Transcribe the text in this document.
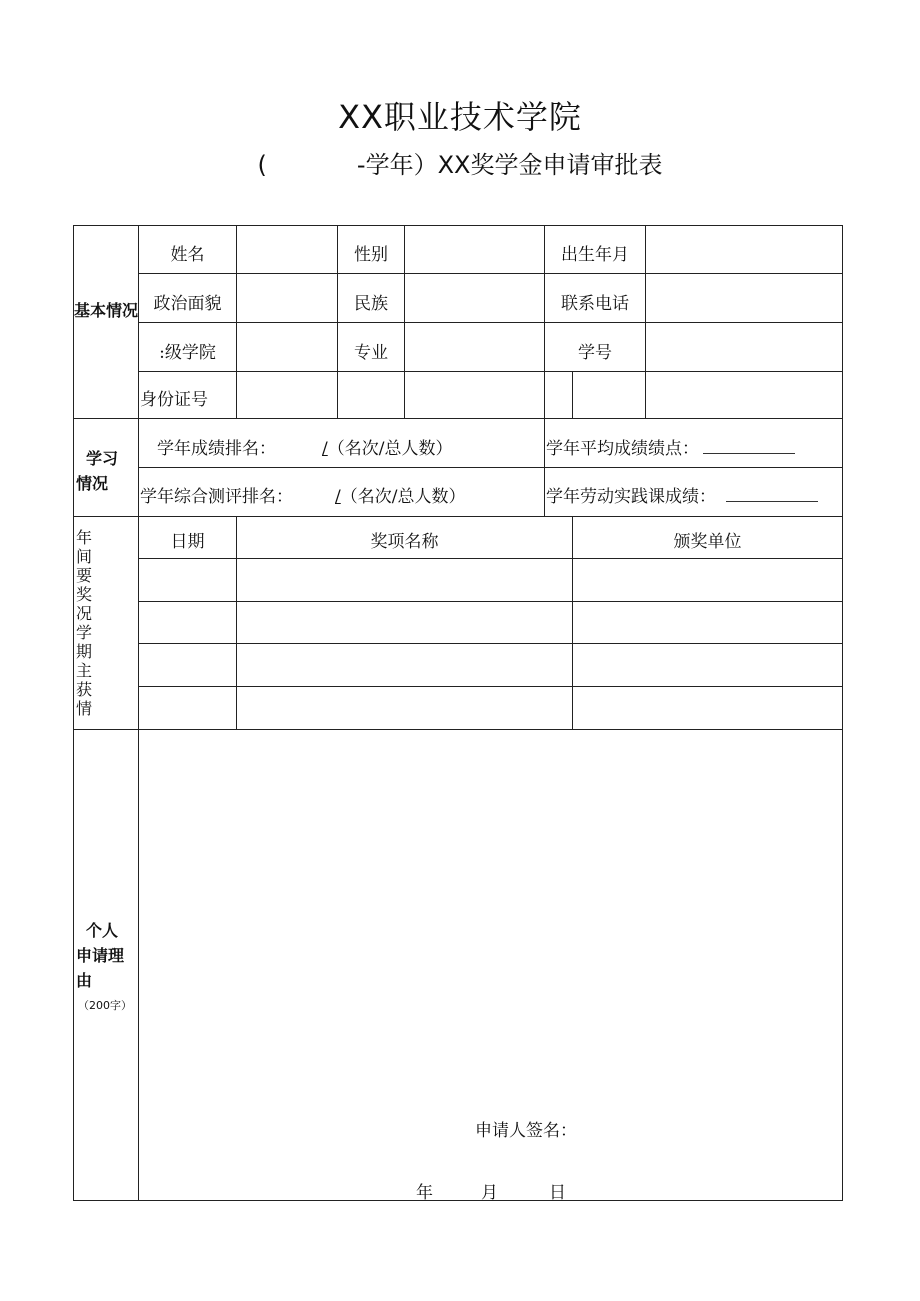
XX职业技术学院
(	-学年）XX奖学金申请审批表
基本情况
姓名	性别	出生年月
政治面貌	民族	联系电话
:级学院	专业	学号
身份证号
学习
情况
学年成绩排名：	/（名次/总人数）	学年平均成绩绩点：
学年综合测评排名： /（名次/总人数）	学年劳动实践课成绩：
年间要奖况学期主获情
日期	奖项名称	颁奖单位
个人
申请理
由
（200字）
申请人签名：
年	月	日
